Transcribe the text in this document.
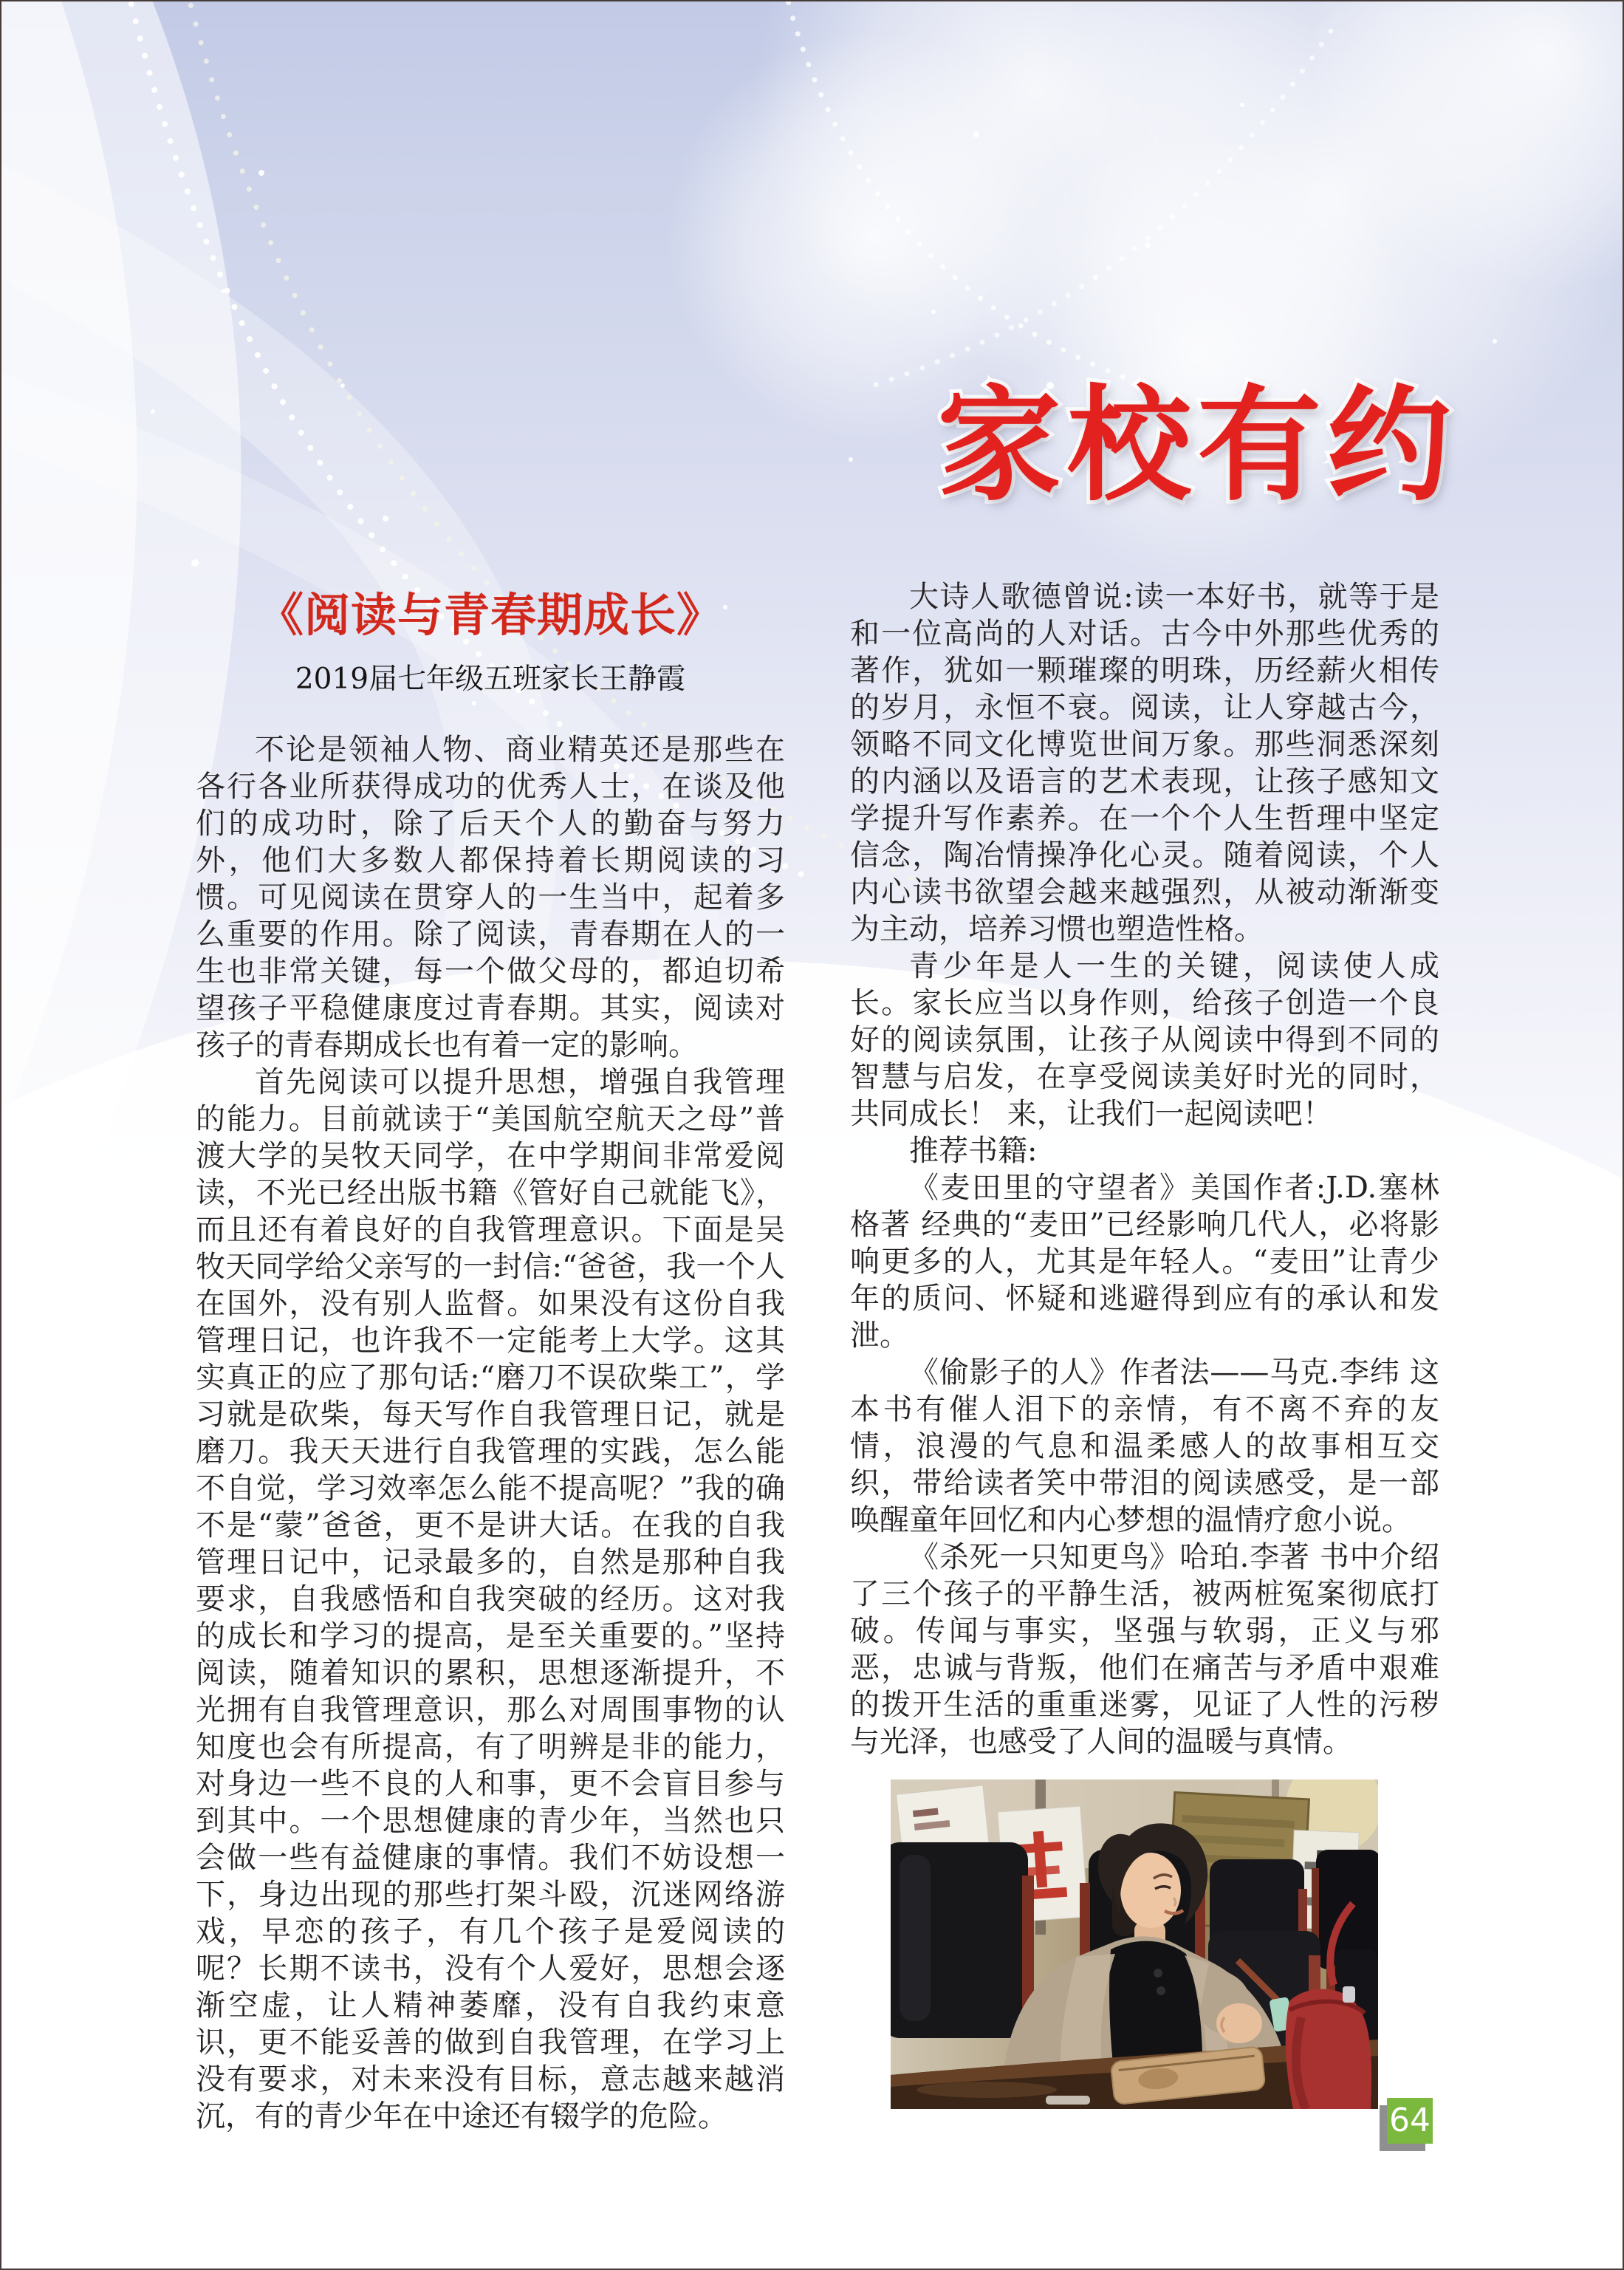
家校有约
《阅读与青春期成长》
2019届七年级五班家长王静霞

不论是领袖人物、商业精英还是那些在各行各业所获得成功的优秀人士，在谈及他们的成功时，除了后天个人的勤奋与努力外，他们大多数人都保持着长期阅读的习惯。可见阅读在贯穿人的一生当中，起着多么重要的作用。除了阅读，青春期在人的一生也非常关键，每一个做父母的，都迫切希望孩子平稳健康度过青春期。其实，阅读对孩子的青春期成长也有着一定的影响。

首先阅读可以提升思想，增强自我管理的能力。目前就读于“美国航空航天之母”普渡大学的吴牧天同学，在中学期间非常爱阅读，不光已经出版书籍《管好自己就能飞》，而且还有着良好的自我管理意识。下面是吴牧天同学给父亲写的一封信:“爸爸，我一个人在国外，没有别人监督。如果没有这份自我管理日记，也许我不一定能考上大学。这其实真正的应了那句话:“磨刀不误砍柴工”，学习就是砍柴，每天写作自我管理日记，就是磨刀。我天天进行自我管理的实践，怎么能不自觉，学习效率怎么能不提高呢？”我的确不是“蒙”爸爸，更不是讲大话。在我的自我管理日记中，记录最多的，自然是那种自我要求，自我感悟和自我突破的经历。这对我的成长和学习的提高，是至关重要的。”坚持阅读，随着知识的累积，思想逐渐提升，不光拥有自我管理意识，那么对周围事物的认知度也会有所提高，有了明辨是非的能力，对身边一些不良的人和事，更不会盲目参与到其中。一个思想健康的青少年，当然也只会做一些有益健康的事情。我们不妨设想一下，身边出现的那些打架斗殴，沉迷网络游戏，早恋的孩子，有几个孩子是爱阅读的呢？长期不读书，没有个人爱好，思想会逐渐空虚，让人精神萎靡，没有自我约束意识，更不能妥善的做到自我管理，在学习上没有要求，对未来没有目标，意志越来越消沉，有的青少年在中途还有辍学的危险。

大诗人歌德曾说:读一本好书，就等于是和一位高尚的人对话。古今中外那些优秀的著作，犹如一颗璀璨的明珠，历经薪火相传的岁月，永恒不衰。阅读，让人穿越古今，领略不同文化博览世间万象。那些洞悉深刻的内涵以及语言的艺术表现，让孩子感知文学提升写作素养。在一个个人生哲理中坚定信念，陶冶情操净化心灵。随着阅读，个人内心读书欲望会越来越强烈，从被动渐渐变为主动，培养习惯也塑造性格。

青少年是人一生的关键，阅读使人成长。家长应当以身作则，给孩子创造一个良好的阅读氛围，让孩子从阅读中得到不同的智慧与启发，在享受阅读美好时光的同时，共同成长！ 来，让我们一起阅读吧！

推荐书籍:

《麦田里的守望者》美国作者:J.D.塞林格著 经典的“麦田”已经影响几代人，必将影响更多的人，尤其是年轻人。“麦田”让青少年的质问、怀疑和逃避得到应有的承认和发泄。

《偷影子的人》作者法——马克.李纬 这本书有催人泪下的亲情，有不离不弃的友情，浪漫的气息和温柔感人的故事相互交织，带给读者笑中带泪的阅读感受，是一部唤醒童年回忆和内心梦想的温情疗愈小说。

《杀死一只知更鸟》哈珀.李著 书中介绍了三个孩子的平静生活，被两桩冤案彻底打破。传闻与事实，坚强与软弱，正义与邪恶，忠诚与背叛，他们在痛苦与矛盾中艰难的拨开生活的重重迷雾，见证了人性的污秽与光泽，也感受了人间的温暖与真情。

64
